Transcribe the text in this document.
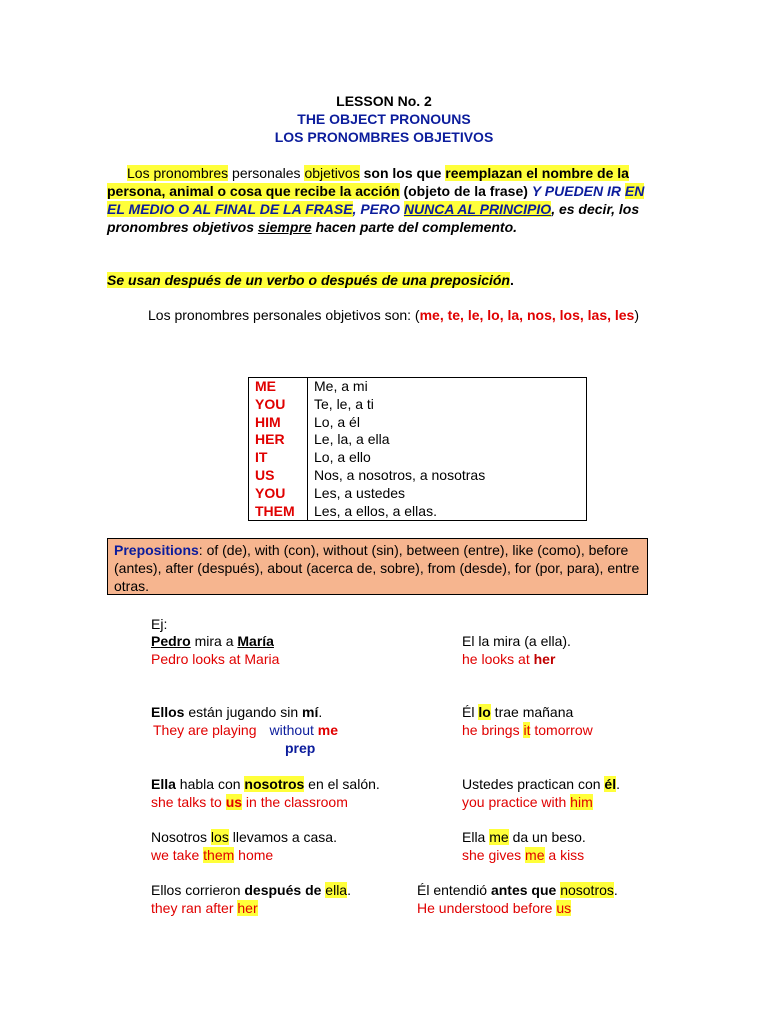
LESSON No. 2
THE OBJECT PRONOUNS
LOS PRONOMBRES OBJETIVOS
Los pronombres personales objetivos son los que reemplazan el nombre de la persona, animal o cosa que recibe la acción (objeto de la frase) Y PUEDEN IR EN EL MEDIO O AL FINAL DE LA FRASE, PERO NUNCA AL PRINCIPIO, es decir, los pronombres objetivos siempre hacen parte del complemento.
Se usan después de un verbo o después de una preposición.
Los pronombres personales objetivos son: (me, te, le, lo, la, nos, los, las, les)
ME	Me, a mi
YOU	Te, le, a ti
HIM	Lo, a él
HER	Le, la, a ella
IT	Lo, a ello
US	Nos, a nosotros, a nosotras
YOU	Les, a ustedes
THEM	Les, a ellos, a ellas.
Prepositions: of (de), with (con), without (sin), between (entre), like (como), before (antes), after (después), about (acerca de, sobre), from (desde), for (por, para), entre otras.
Ej:
Pedro mira a María
Pedro looks at Maria
El la mira (a ella).
he looks at her
Ellos están jugando sin mí.
They are playing without me
prep
Él lo trae mañana
he brings it tomorrow
Ella habla con nosotros en el salón.
she talks to us in the classroom
Ustedes practican con él.
you practice with him
Nosotros los llevamos a casa.
we take them home
Ella me da un beso.
she gives me a kiss
Ellos corrieron después de ella.
they ran after her
Él entendió antes que nosotros.
He understood before us
